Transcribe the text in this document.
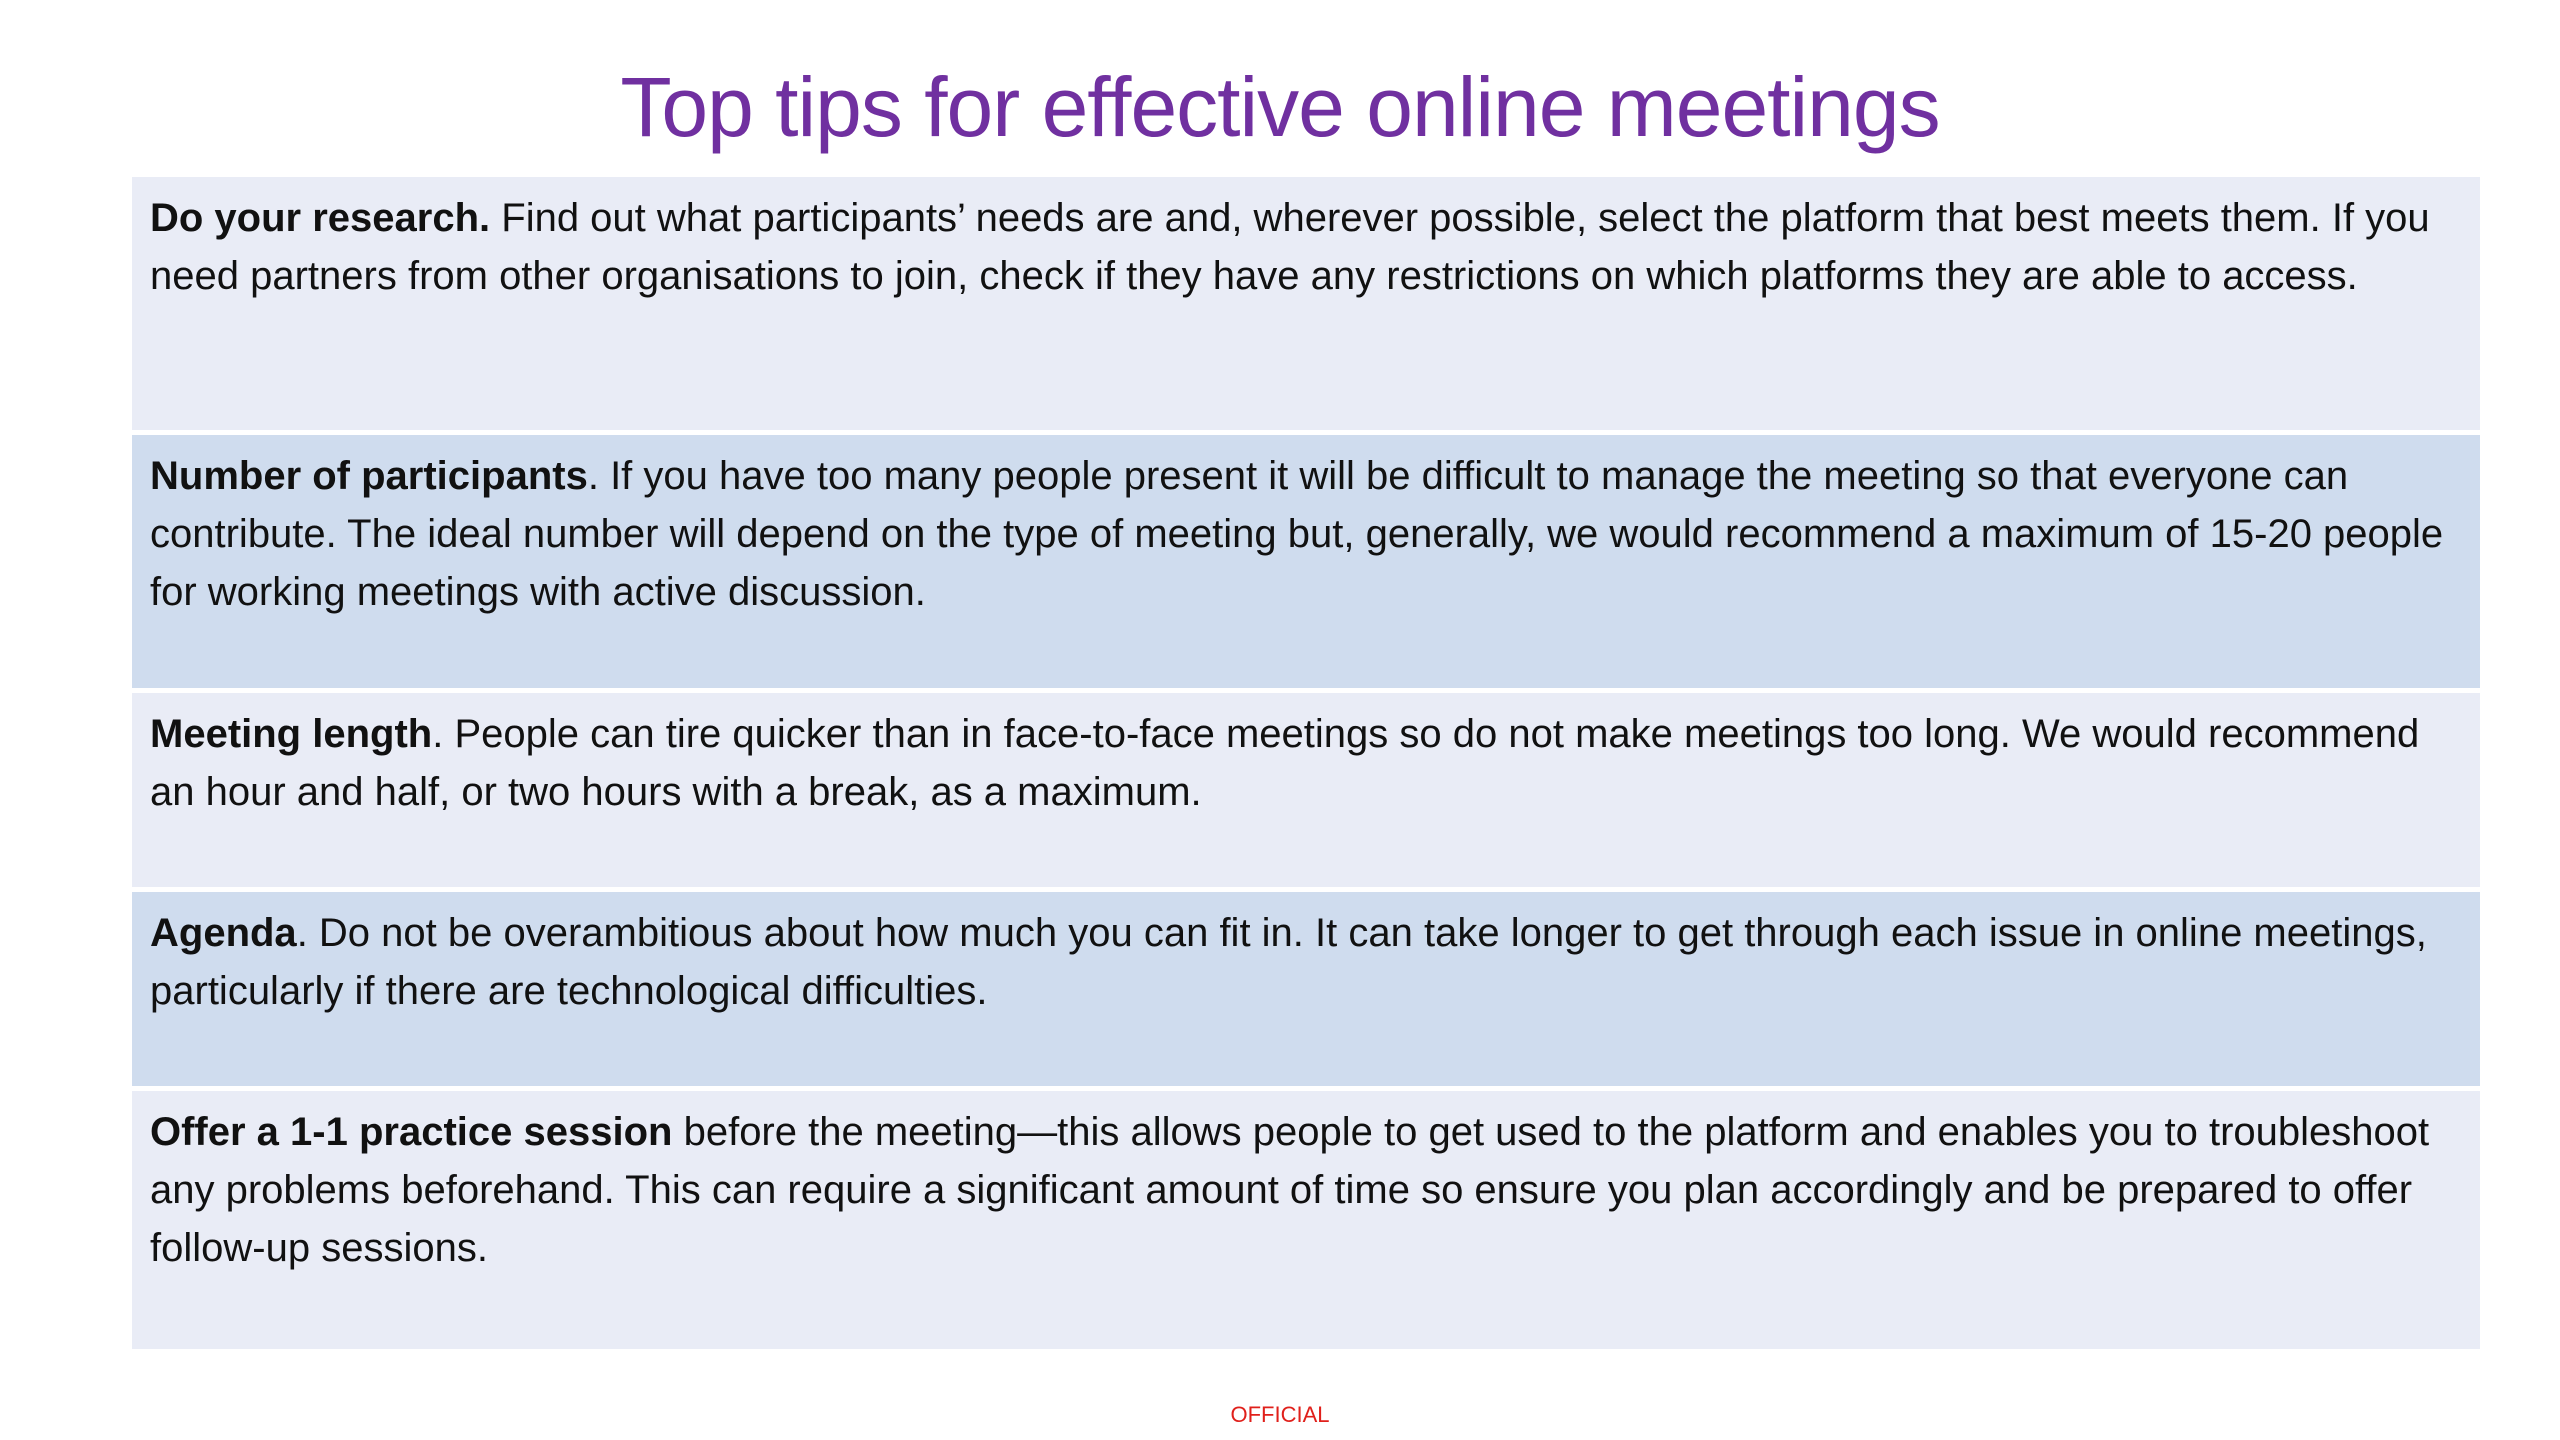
Top tips for effective online meetings
Do your research. Find out what participants’ needs are and, wherever possible, select the platform that best meets them. If you need partners from other organisations to join, check if they have any restrictions on which platforms they are able to access.
Number of participants. If you have too many people present it will be difficult to manage the meeting so that everyone can contribute. The ideal number will depend on the type of meeting but, generally, we would recommend a maximum of 15-20 people for working meetings with active discussion.
Meeting length. People can tire quicker than in face-to-face meetings so do not make meetings too long. We would recommend an hour and half, or two hours with a break, as a maximum.
Agenda. Do not be overambitious about how much you can fit in. It can take longer to get through each issue in online meetings, particularly if there are technological difficulties.
Offer a 1-1 practice session before the meeting—this allows people to get used to the platform and enables you to troubleshoot any problems beforehand. This can require a significant amount of time so ensure you plan accordingly and be prepared to offer follow-up sessions.
OFFICIAL
